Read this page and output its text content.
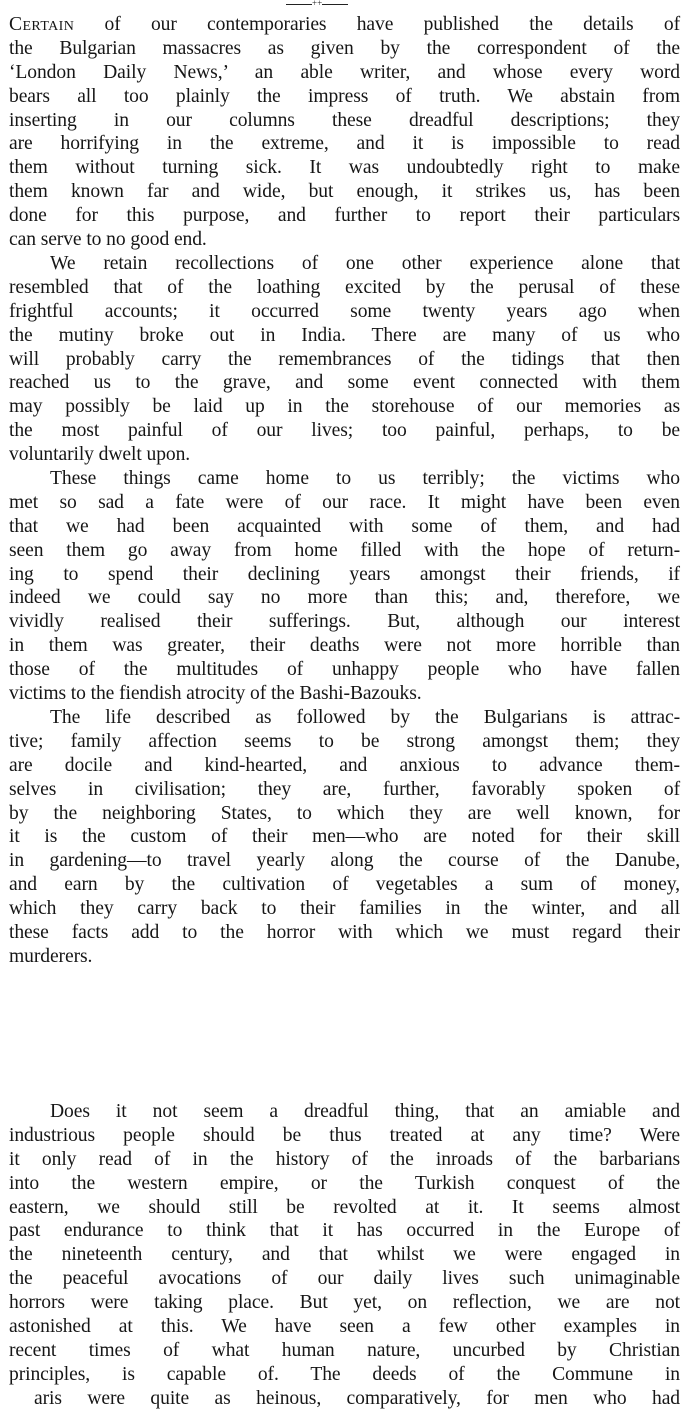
++
Certain of our contemporaries have published the details of
the Bulgarian massacres as given by the correspondent of the
‘London Daily News,’ an able writer, and whose every word
bears all too plainly the impress of truth. We abstain from
inserting in our columns these dreadful descriptions; they
are horrifying in the extreme, and it is impossible to read
them without turning sick. It was undoubtedly right to make
them known far and wide, but enough, it strikes us, has been
done for this purpose, and further to report their particulars
can serve to no good end.
We retain recollections of one other experience alone that
resembled that of the loathing excited by the perusal of these
frightful accounts; it occurred some twenty years ago when
the mutiny broke out in India. There are many of us who
will probably carry the remembrances of the tidings that then
reached us to the grave, and some event connected with them
may possibly be laid up in the storehouse of our memories as
the most painful of our lives; too painful, perhaps, to be
voluntarily dwelt upon.
These things came home to us terribly; the victims who
met so sad a fate were of our race. It might have been even
that we had been acquainted with some of them, and had
seen them go away from home filled with the hope of return-
ing to spend their declining years amongst their friends, if
indeed we could say no more than this; and, therefore, we
vividly realised their sufferings. But, although our interest
in them was greater, their deaths were not more horrible than
those of the multitudes of unhappy people who have fallen
victims to the fiendish atrocity of the Bashi-Bazouks.
The life described as followed by the Bulgarians is attrac-
tive; family affection seems to be strong amongst them; they
are docile and kind-hearted, and anxious to advance them-
selves in civilisation; they are, further, favorably spoken of
by the neighboring States, to which they are well known, for
it is the custom of their men—who are noted for their skill
in gardening—to travel yearly along the course of the Danube,
and earn by the cultivation of vegetables a sum of money,
which they carry back to their families in the winter, and all
these facts add to the horror with which we must regard their
murderers.
Does it not seem a dreadful thing, that an amiable and
industrious people should be thus treated at any time? Were
it only read of in the history of the inroads of the barbarians
into the western empire, or the Turkish conquest of the
eastern, we should still be revolted at it. It seems almost
past endurance to think that it has occurred in the Europe of
the nineteenth century, and that whilst we were engaged in
the peaceful avocations of our daily lives such unimaginable
horrors were taking place. But yet, on reflection, we are not
astonished at this. We have seen a few other examples in
recent times of what human nature, uncurbed by Christian
principles, is capable of. The deeds of the Commune in
aris were quite as heinous, comparatively, for men who had
